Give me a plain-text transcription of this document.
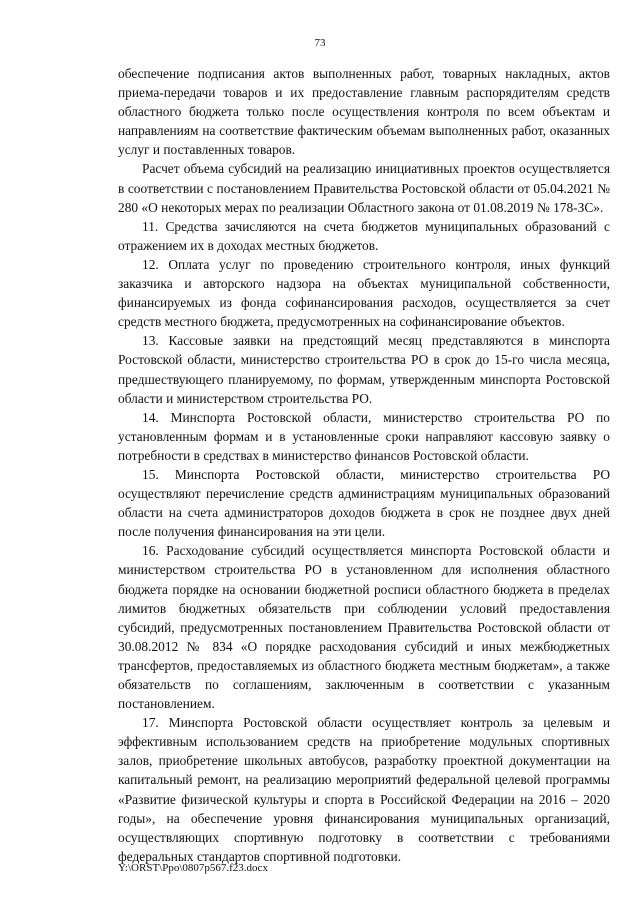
73

обеспечение подписания актов выполненных работ, товарных накладных, актов приема-передачи товаров и их предоставление главным распорядителям средств областного бюджета только после осуществления контроля по всем объектам и направлениям на соответствие фактическим объемам выполненных работ, оказанных услуг и поставленных товаров.

Расчет объема субсидий на реализацию инициативных проектов осуществляется в соответствии с постановлением Правительства Ростовской области от 05.04.2021 № 280 «О некоторых мерах по реализации Областного закона от 01.08.2019 № 178-ЗС».

11. Средства зачисляются на счета бюджетов муниципальных образований с отражением их в доходах местных бюджетов.

12. Оплата услуг по проведению строительного контроля, иных функций заказчика и авторского надзора на объектах муниципальной собственности, финансируемых из фонда софинансирования расходов, осуществляется за счет средств местного бюджета, предусмотренных на софинансирование объектов.

13. Кассовые заявки на предстоящий месяц представляются в минспорта Ростовской области, министерство строительства РО в срок до 15-го числа месяца, предшествующего планируемому, по формам, утвержденным минспорта Ростовской области и министерством строительства РО.

14. Минспорта Ростовской области, министерство строительства РО по установленным формам и в установленные сроки направляют кассовую заявку о потребности в средствах в министерство финансов Ростовской области.

15. Минспорта Ростовской области, министерство строительства РО осуществляют перечисление средств администрациям муниципальных образований области на счета администраторов доходов бюджета в срок не позднее двух дней после получения финансирования на эти цели.

16. Расходование субсидий осуществляется минспорта Ростовской области и министерством строительства РО в установленном для исполнения областного бюджета порядке на основании бюджетной росписи областного бюджета в пределах лимитов бюджетных обязательств при соблюдении условий предоставления субсидий, предусмотренных постановлением Правительства Ростовской области от 30.08.2012 № 834 «О порядке расходования субсидий и иных межбюджетных трансфертов, предоставляемых из областного бюджета местным бюджетам», а также обязательств по соглашениям, заключенным в соответствии с указанным постановлением.

17. Минспорта Ростовской области осуществляет контроль за целевым и эффективным использованием средств на приобретение модульных спортивных залов, приобретение школьных автобусов, разработку проектной документации на капитальный ремонт, на реализацию мероприятий федеральной целевой программы «Развитие физической культуры и спорта в Российской Федерации на 2016 – 2020 годы», на обеспечение уровня финансирования муниципальных организаций, осуществляющих спортивную подготовку в соответствии с требованиями федеральных стандартов спортивной подготовки.

Y:\ORST\Ppo\0807p567.f23.docx
